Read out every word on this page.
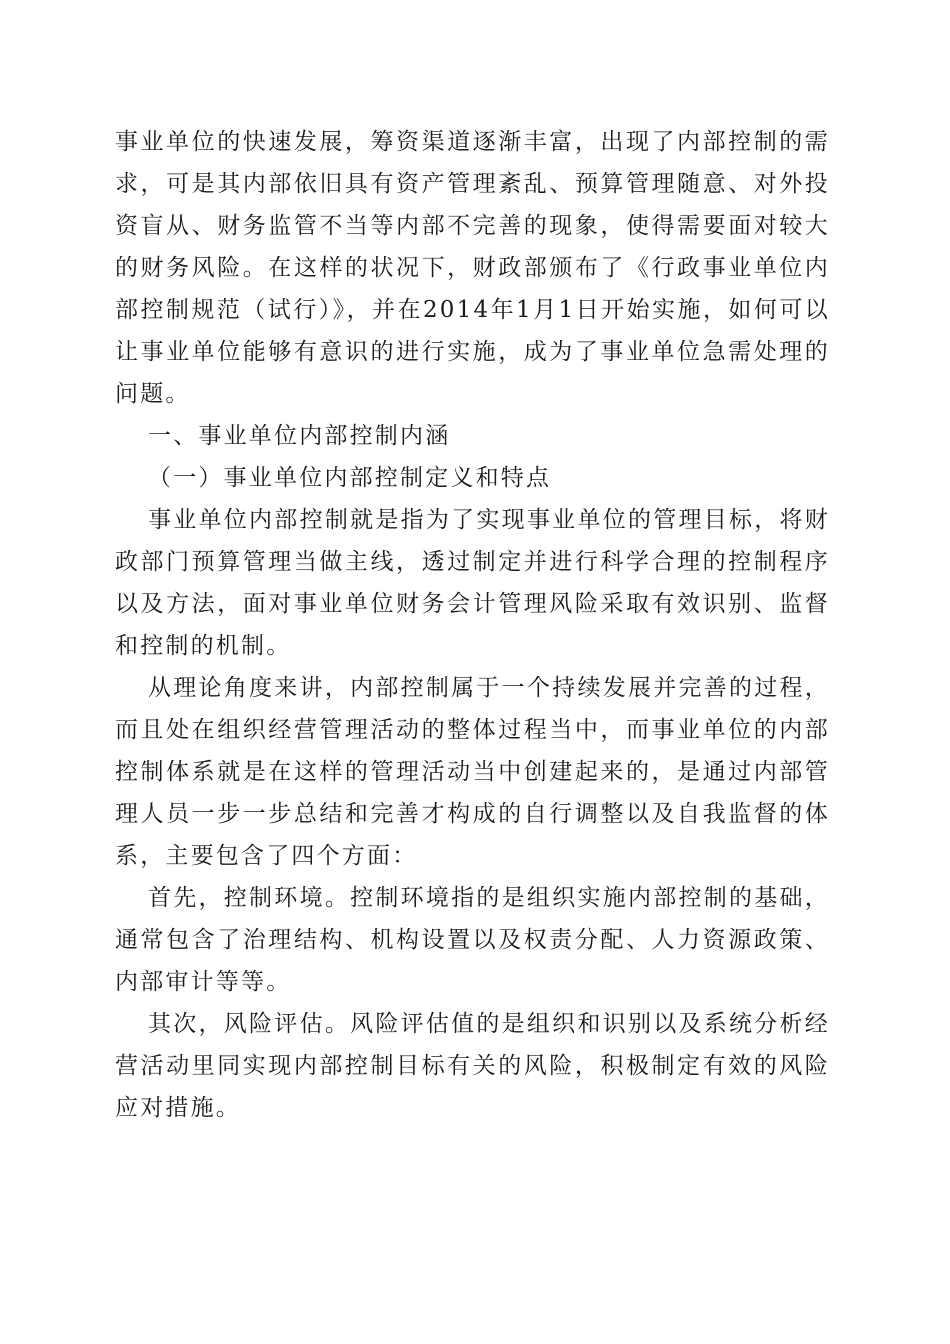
事业单位的快速发展，筹资渠道逐渐丰富，出现了内部控制的需求，可是其内部依旧具有资产管理紊乱、预算管理随意、对外投资盲从、财务监管不当等内部不完善的现象，使得需要面对较大的财务风险。在这样的状况下，财政部颁布了《行政事业单位内部控制规范（试行）》，并在2014年1月1日开始实施，如何可以让事业单位能够有意识的进行实施，成为了事业单位急需处理的问题。

一、事业单位内部控制内涵

（一）事业单位内部控制定义和特点

事业单位内部控制就是指为了实现事业单位的管理目标，将财政部门预算管理当做主线，透过制定并进行科学合理的控制程序以及方法，面对事业单位财务会计管理风险采取有效识别、监督和控制的机制。

从理论角度来讲，内部控制属于一个持续发展并完善的过程，而且处在组织经营管理活动的整体过程当中，而事业单位的内部控制体系就是在这样的管理活动当中创建起来的，是通过内部管理人员一步一步总结和完善才构成的自行调整以及自我监督的体系，主要包含了四个方面：

首先，控制环境。控制环境指的是组织实施内部控制的基础，通常包含了治理结构、机构设置以及权责分配、人力资源政策、内部审计等等。

其次，风险评估。风险评估值的是组织和识别以及系统分析经营活动里同实现内部控制目标有关的风险，积极制定有效的风险应对措施。
